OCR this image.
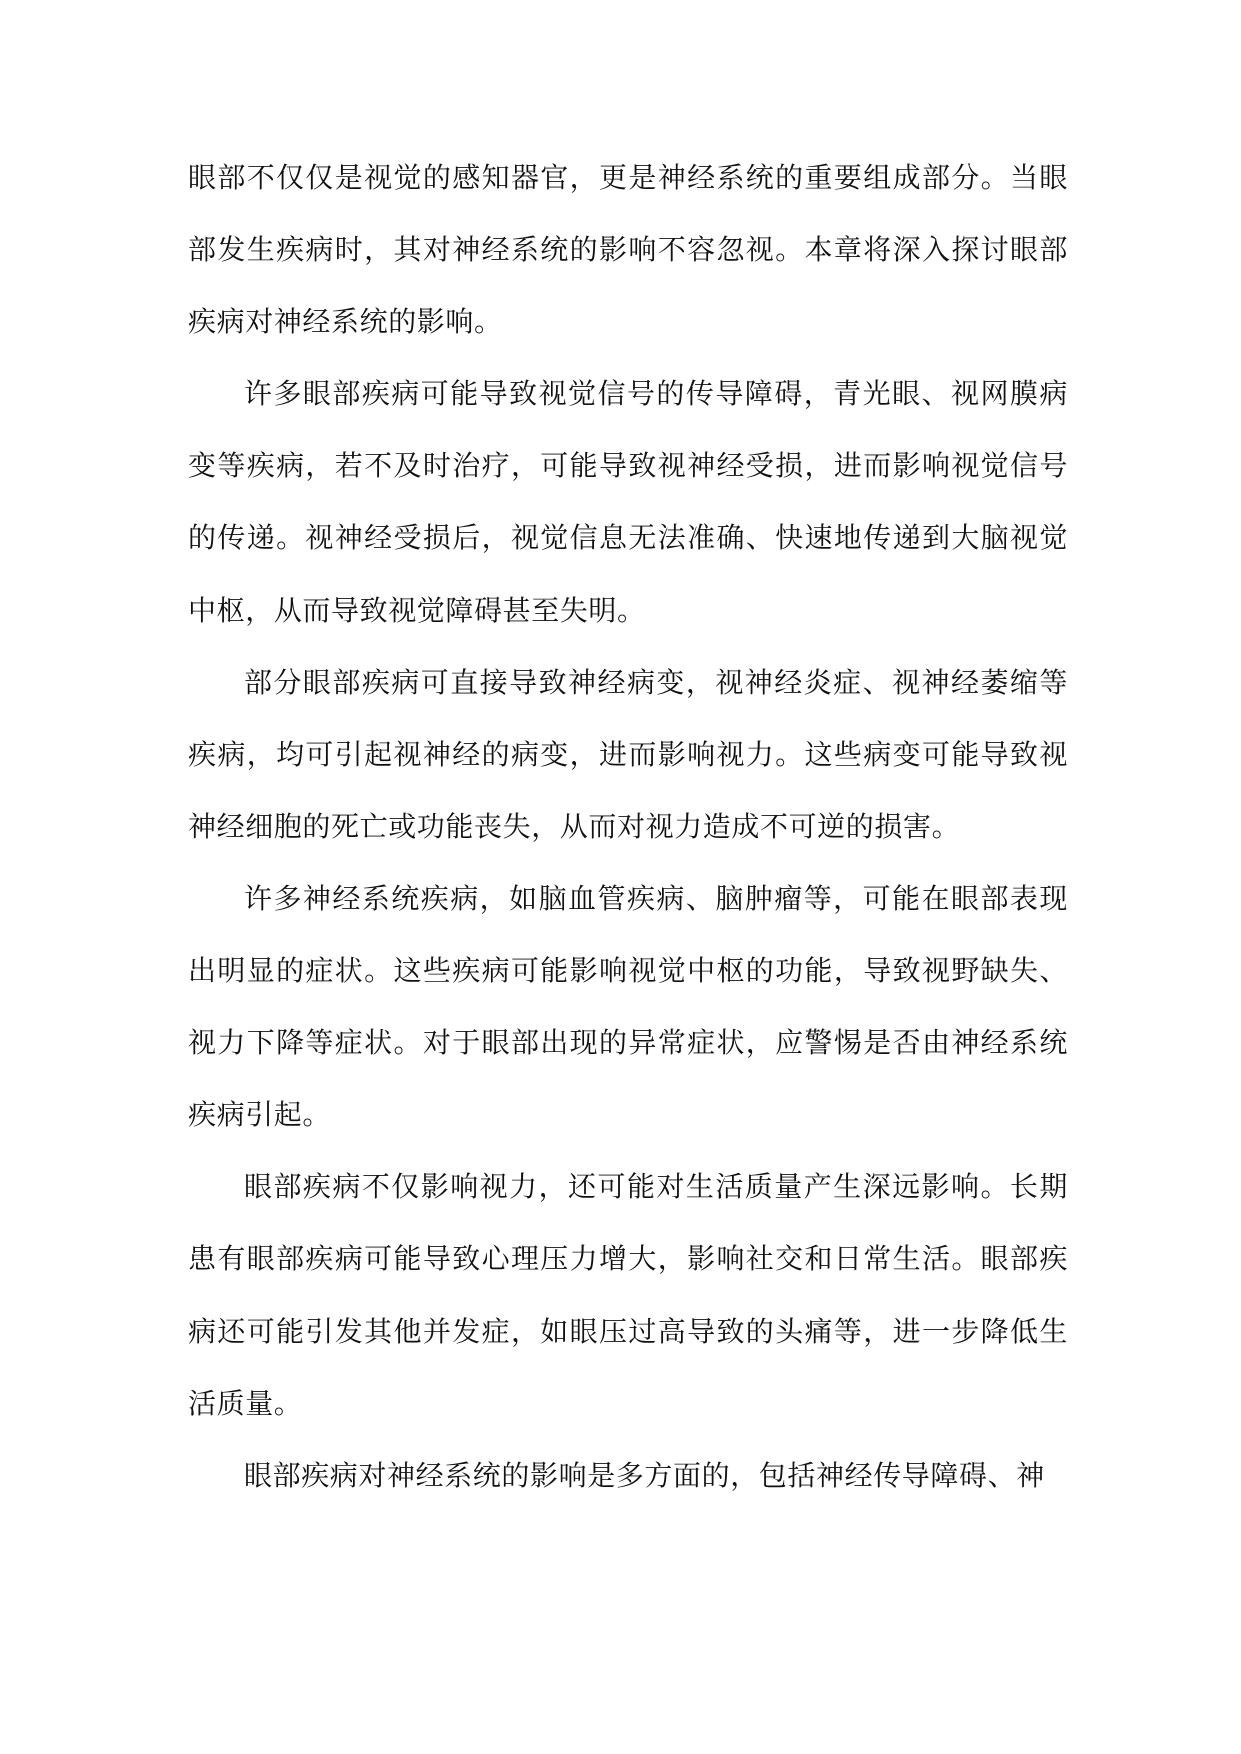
眼部不仅仅是视觉的感知器官，更是神经系统的重要组成部分。当眼部发生疾病时，其对神经系统的影响不容忽视。本章将深入探讨眼部疾病对神经系统的影响。

许多眼部疾病可能导致视觉信号的传导障碍，青光眼、视网膜病变等疾病，若不及时治疗，可能导致视神经受损，进而影响视觉信号的传递。视神经受损后，视觉信息无法准确、快速地传递到大脑视觉中枢，从而导致视觉障碍甚至失明。

部分眼部疾病可直接导致神经病变，视神经炎症、视神经萎缩等疾病，均可引起视神经的病变，进而影响视力。这些病变可能导致视神经细胞的死亡或功能丧失，从而对视力造成不可逆的损害。

许多神经系统疾病，如脑血管疾病、脑肿瘤等，可能在眼部表现出明显的症状。这些疾病可能影响视觉中枢的功能，导致视野缺失、视力下降等症状。对于眼部出现的异常症状，应警惕是否由神经系统疾病引起。

眼部疾病不仅影响视力，还可能对生活质量产生深远影响。长期患有眼部疾病可能导致心理压力增大，影响社交和日常生活。眼部疾病还可能引发其他并发症，如眼压过高导致的头痛等，进一步降低生活质量。

眼部疾病对神经系统的影响是多方面的，包括神经传导障碍、神
